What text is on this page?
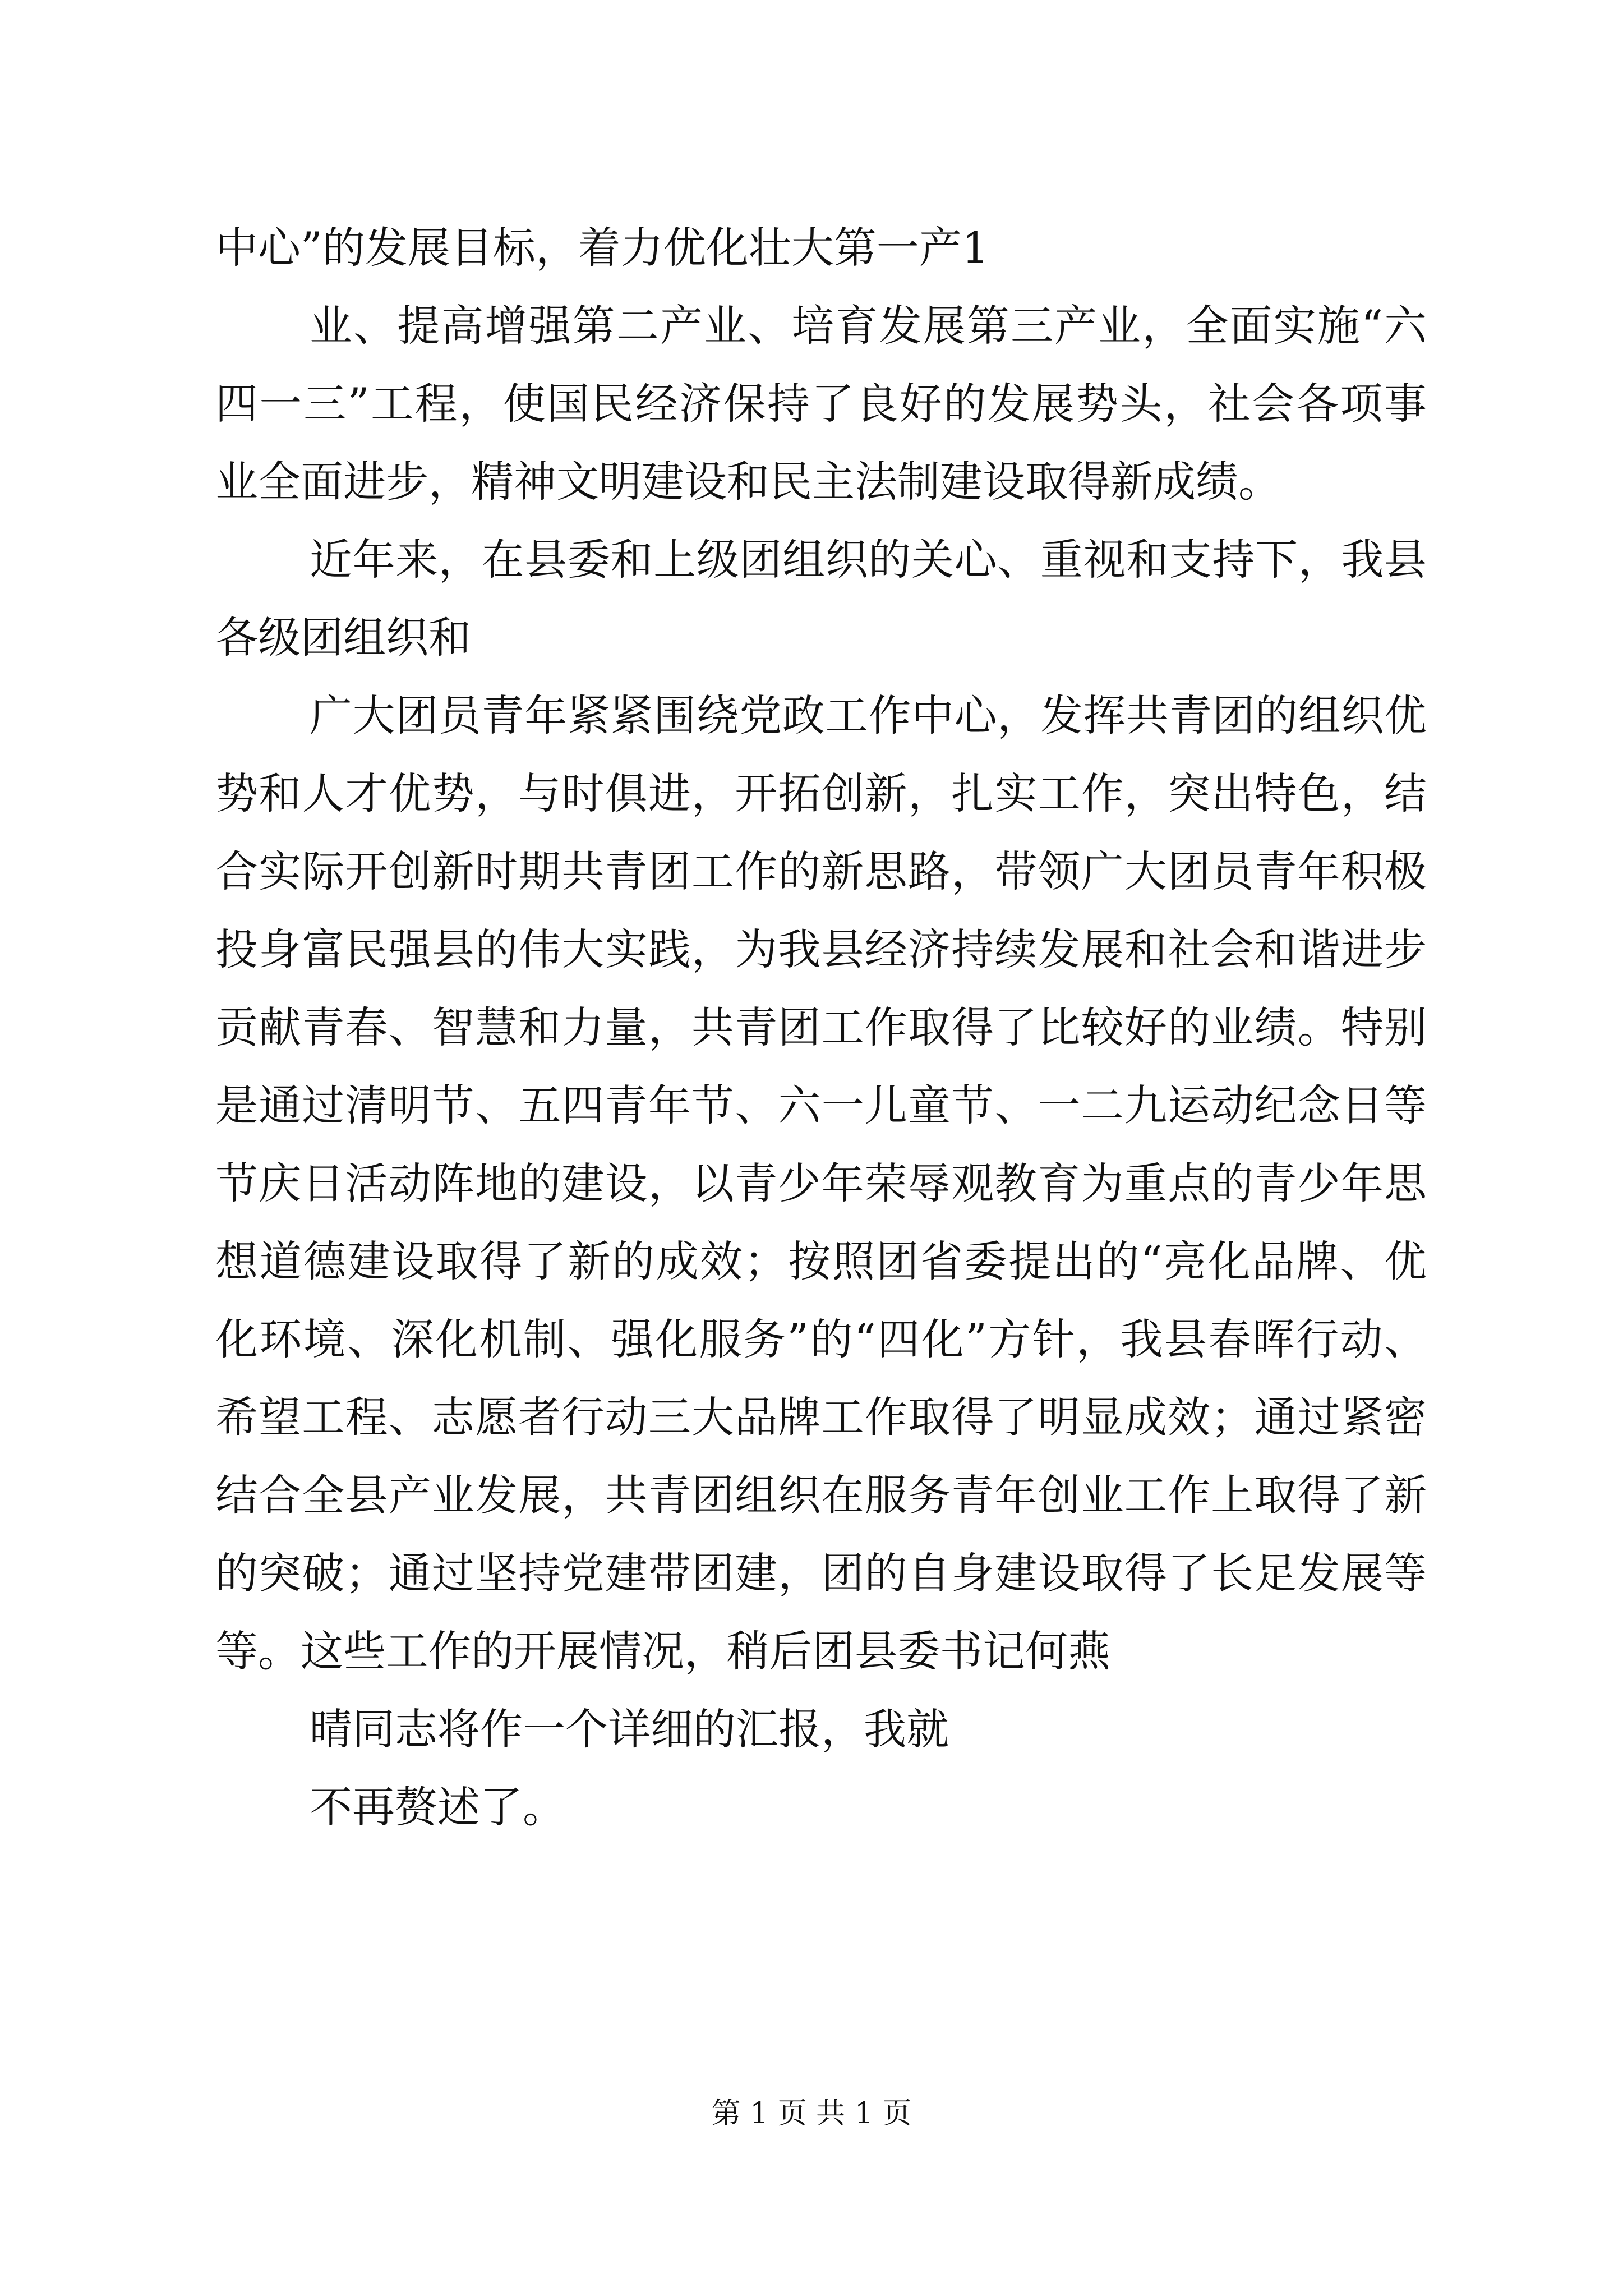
中心”的发展目标，着力优化壮大第一产1
业、提高增强第二产业、培育发展第三产业，全面实施“六
四一三”工程，使国民经济保持了良好的发展势头，社会各项事
业全面进步，精神文明建设和民主法制建设取得新成绩。
近年来，在县委和上级团组织的关心、重视和支持下，我县
各级团组织和
广大团员青年紧紧围绕党政工作中心，发挥共青团的组织优
势和人才优势，与时俱进，开拓创新，扎实工作，突出特色，结
合实际开创新时期共青团工作的新思路，带领广大团员青年积极
投身富民强县的伟大实践，为我县经济持续发展和社会和谐进步
贡献青春、智慧和力量，共青团工作取得了比较好的业绩。特别
是通过清明节、五四青年节、六一儿童节、一二九运动纪念日等
节庆日活动阵地的建设，以青少年荣辱观教育为重点的青少年思
想道德建设取得了新的成效；按照团省委提出的“亮化品牌、优
化环境、深化机制、强化服务”的“四化”方针，我县春晖行动、
希望工程、志愿者行动三大品牌工作取得了明显成效；通过紧密
结合全县产业发展，共青团组织在服务青年创业工作上取得了新
的突破；通过坚持党建带团建，团的自身建设取得了长足发展等
等。这些工作的开展情况，稍后团县委书记何燕
晴同志将作一个详细的汇报，我就
不再赘述了。
第 1 页 共 1 页
